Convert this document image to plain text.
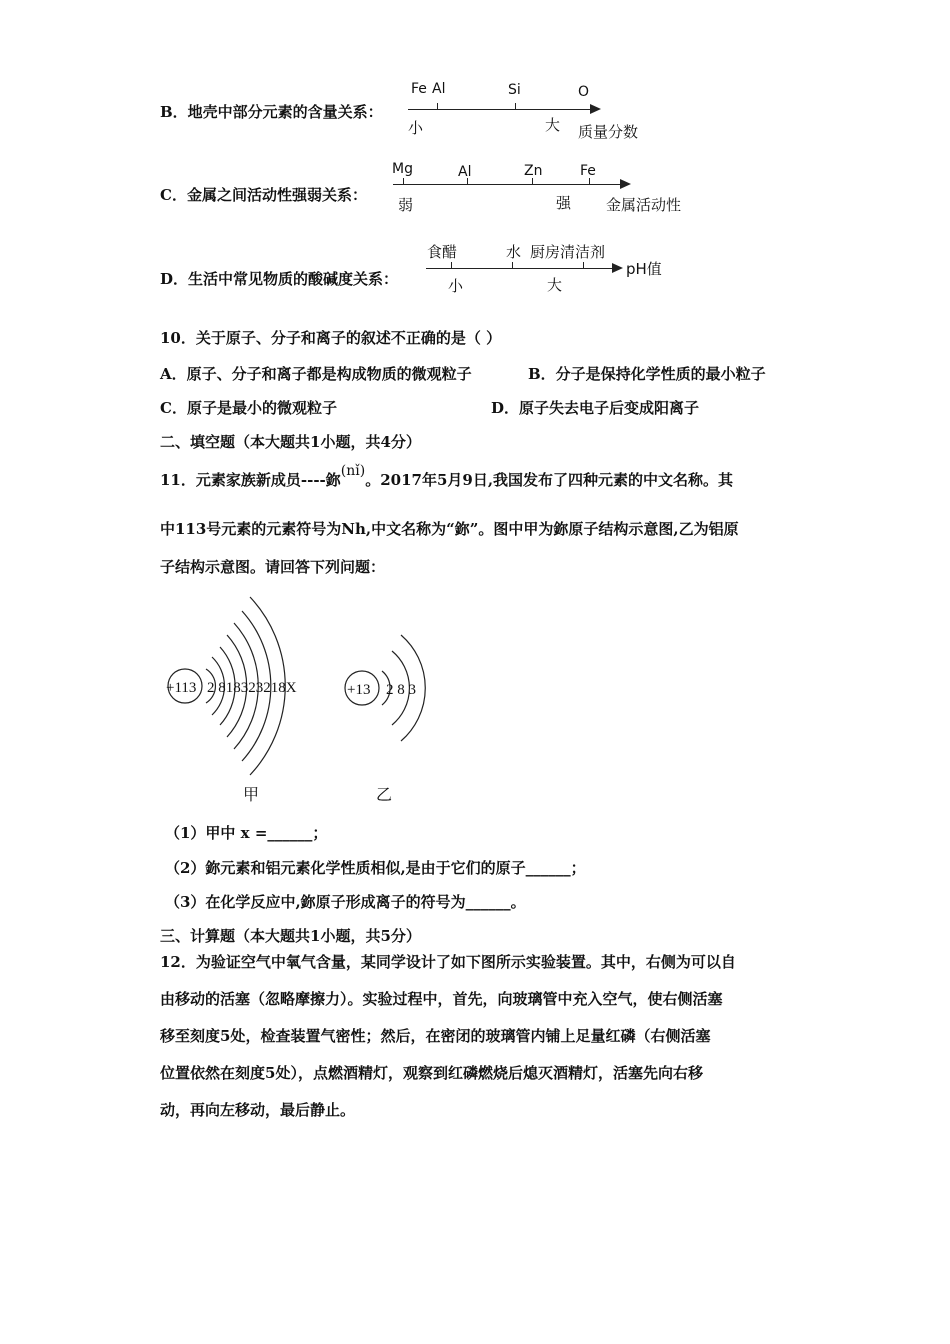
B．地壳中部分元素的含量关系：
Fe Al	Si	O
小	大 质量分数
C．金属之间活动性强弱关系：
Mg	Al	Zn	Fe
弱	强 金属活动性
D．生活中常见物质的酸碱度关系：
食醋	水 厨房清洁剂
pH值
小	大
10．关于原子、分子和离子的叙述不正确的是（ ）
A．原子、分子和离子都是构成物质的微观粒子	B．分子是保持化学性质的最小粒子
C．原子是最小的微观粒子	D．原子失去电子后变成阳离子
二、填空题（本大题共1小题，共4分）
11．元素家族新成员----鉨(nǐ)。2017年5月9日,我国发布了四种元素的中文名称。其
中113号元素的元素符号为Nh,中文名称为“鉨”。图中甲为鉨原子结构示意图,乙为铝原
子结构示意图。请回答下列问题：
+113 2 818323218X
甲
+13 2 8 3
乙
（1）甲中 x =______；
（2）鉨元素和铝元素化学性质相似,是由于它们的原子______；
（3）在化学反应中,鉨原子形成离子的符号为______。
三、计算题（本大题共1小题，共5分）
12．为验证空气中氧气含量，某同学设计了如下图所示实验装置。其中，右侧为可以自
由移动的活塞（忽略摩擦力）。实验过程中，首先，向玻璃管中充入空气，使右侧活塞
移至刻度5处，检查装置气密性；然后，在密闭的玻璃管内铺上足量红磷（右侧活塞
位置依然在刻度5处），点燃酒精灯，观察到红磷燃烧后熄灭酒精灯，活塞先向右移
动，再向左移动，最后静止。
